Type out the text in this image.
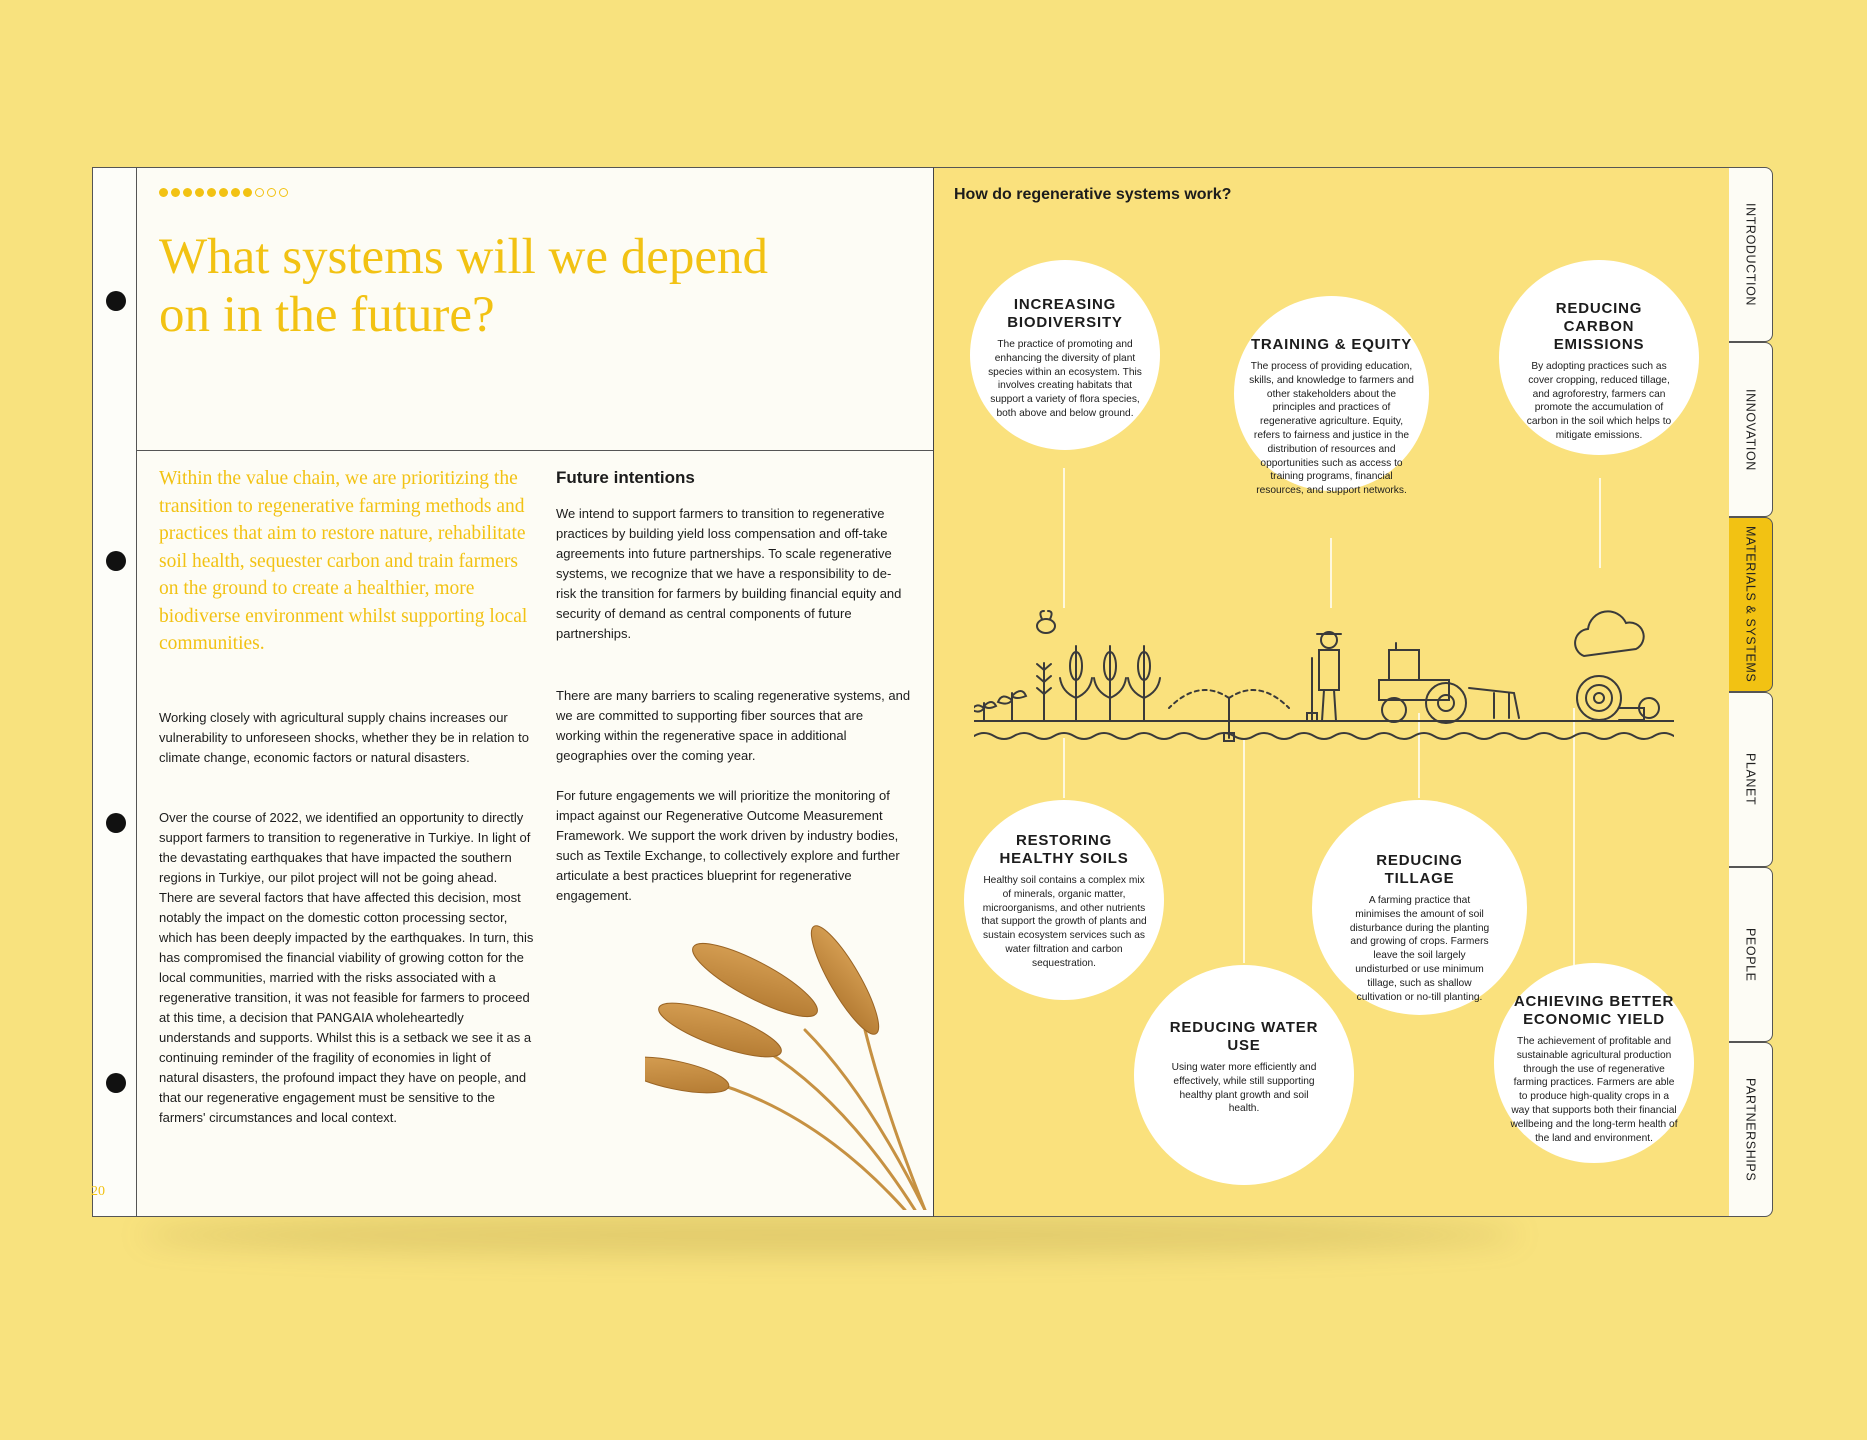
What systems will we depend on in the future?

Within the value chain, we are prioritizing the transition to regenerative farming methods and practices that aim to restore nature, rehabilitate soil health, sequester carbon and train farmers on the ground to create a healthier, more biodiverse environment whilst supporting local communities.

Working closely with agricultural supply chains increases our vulnerability to unforeseen shocks, whether they be in relation to climate change, economic factors or natural disasters.

Over the course of 2022, we identified an opportunity to directly support farmers to transition to regenerative in Turkiye. In light of the devastating earthquakes that have impacted the southern regions in Turkiye, our pilot project will not be going ahead. There are several factors that have affected this decision, most notably the impact on the domestic cotton processing sector, which has been deeply impacted by the earthquakes. In turn, this has compromised the financial viability of growing cotton for the local communities, married with the risks associated with a regenerative transition, it was not feasible for farmers to proceed at this time, a decision that PANGAIA wholeheartedly understands and supports. Whilst this is a setback we see it as a continuing reminder of the fragility of economies in light of natural disasters, the profound impact they have on people, and that our regenerative engagement must be sensitive to the farmers' circumstances and local context.

Future intentions

We intend to support farmers to transition to regenerative practices by building yield loss compensation and off-take agreements into future partnerships. To scale regenerative systems, we recognize that we have a responsibility to de-risk the transition for farmers by building financial equity and security of demand as central components of future partnerships.

There are many barriers to scaling regenerative systems, and we are committed to supporting fiber sources that are working within the regenerative space in additional geographies over the coming year.

For future engagements we will prioritize the monitoring of impact against our Regenerative Outcome Measurement Framework. We support the work driven by industry bodies, such as Textile Exchange, to collectively explore and further articulate a best practices blueprint for regenerative engagement.

20
How do regenerative systems work?
INCREASING BIODIVERSITY

The practice of promoting and enhancing the diversity of plant species within an ecosystem. This involves creating habitats that support a variety of flora species, both above and below ground.

TRAINING & EQUITY

The process of providing education, skills, and knowledge to farmers and other stakeholders about the principles and practices of regenerative agriculture. Equity, refers to fairness and justice in the distribution of resources and opportunities such as access to training programs, financial resources, and support networks.

REDUCING CARBON EMISSIONS

By adopting practices such as cover cropping, reduced tillage, and agroforestry, farmers can promote the accumulation of carbon in the soil which helps to mitigate emissions.

RESTORING HEALTHY SOILS

Healthy soil contains a complex mix of minerals, organic matter, microorganisms, and other nutrients that support the growth of plants and sustain ecosystem services such as water filtration and carbon sequestration.

REDUCING TILLAGE

A farming practice that minimises the amount of soil disturbance during the planting and growing of crops. Farmers leave the soil largely undisturbed or use minimum tillage, such as shallow cultivation or no-till planting.

REDUCING WATER USE

Using water more efficiently and effectively, while still supporting healthy plant growth and soil health.

ACHIEVING BETTER ECONOMIC YIELD

The achievement of profitable and sustainable agricultural production through the use of regenerative farming practices. Farmers are able to produce high-quality crops in a way that supports both their financial wellbeing and the long-term health of the land and environment.

INTRODUCTION
INNOVATION
MATERIALS & SYSTEMS
PLANET
PEOPLE
PARTNERSHIPS
